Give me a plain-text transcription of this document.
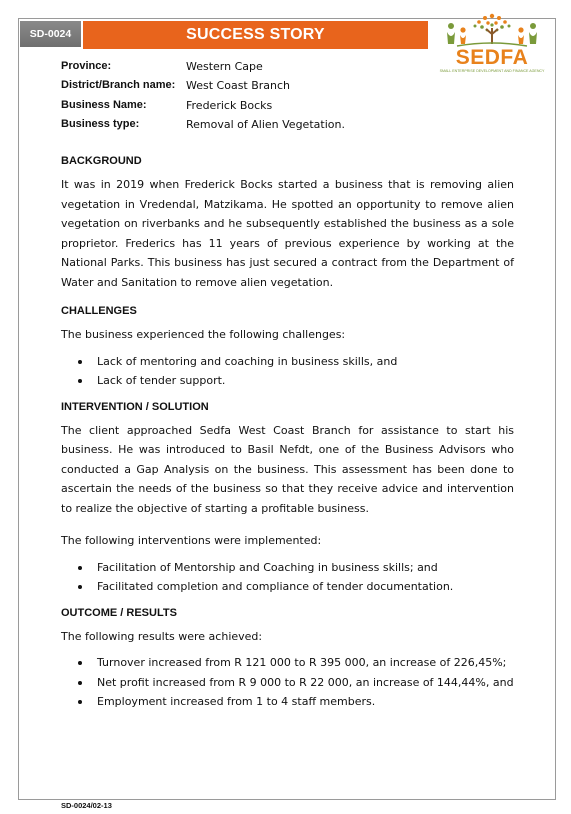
SD-0024	SUCCESS STORY
SEDFA
SMALL ENTERPRISE DEVELOPMENT AND FINANCE AGENCY
Province:	Western Cape
District/Branch name: West Coast Branch
Business Name:	Frederick Bocks
Business type:	Removal of Alien Vegetation.
BACKGROUND

It was in 2019 when Frederick Bocks started a business that is removing alien vegetation in Vredendal, Matzikama. He spotted an opportunity to remove alien vegetation on riverbanks and he subsequently established the business as a sole proprietor. Frederics has 11 years of previous experience by working at the National Parks. This business has just secured a contract from the Department of Water and Sanitation to remove alien vegetation.

CHALLENGES

The business experienced the following challenges:

Lack of mentoring and coaching in business skills, and
Lack of tender support.
INTERVENTION / SOLUTION

The client approached Sedfa West Coast Branch for assistance to start his business. He was introduced to Basil Nefdt, one of the Business Advisors who conducted a Gap Analysis on the business. This assessment has been done to ascertain the needs of the business so that they receive advice and intervention to realize the objective of starting a profitable business.

The following interventions were implemented:

Facilitation of Mentorship and Coaching in business skills; and
Facilitated completion and compliance of tender documentation.
OUTCOME / RESULTS

The following results were achieved:

Turnover increased from R 121 000 to R 395 000, an increase of 226,45%;
Net profit increased from R 9 000 to R 22 000, an increase of 144,44%, and
Employment increased from 1 to 4 staff members.
SD-0024/02-13
